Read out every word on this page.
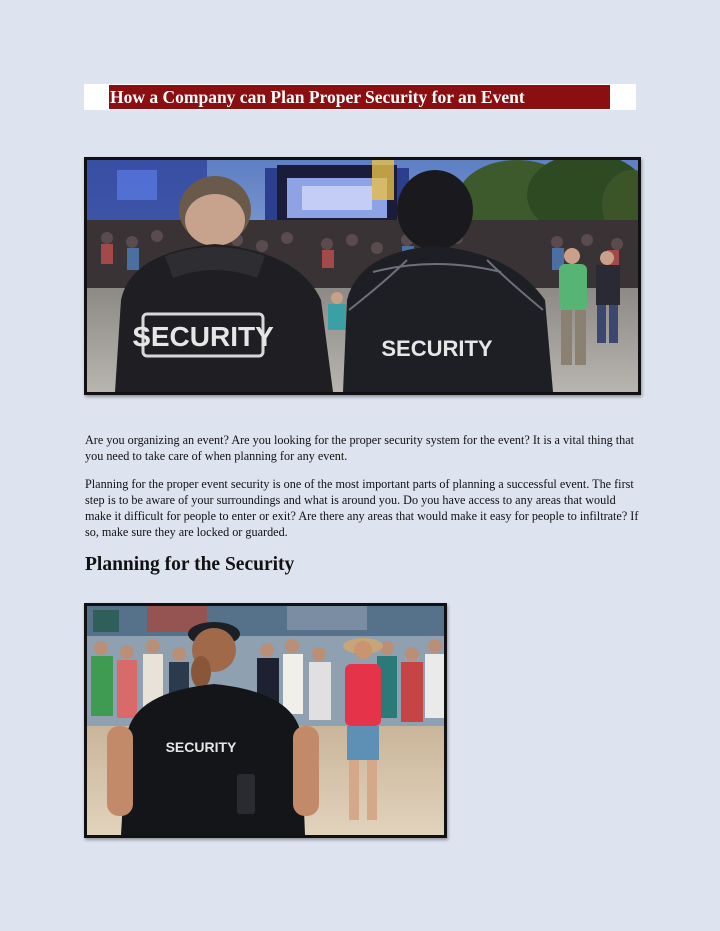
How a Company can Plan Proper Security for an Event
SECURITY	SECURITY

Are you organizing an event? Are you looking for the proper security system for the event? It is a vital thing that you need to take care of when planning for any event.

Planning for the proper event security is one of the most important parts of planning a successful event. The first step is to be aware of your surroundings and what is around you. Do you have access to any areas that would make it difficult for people to enter or exit? Are there any areas that would make it easy for people to infiltrate? If so, make sure they are locked or guarded.

Planning for the Security
SECURITY
